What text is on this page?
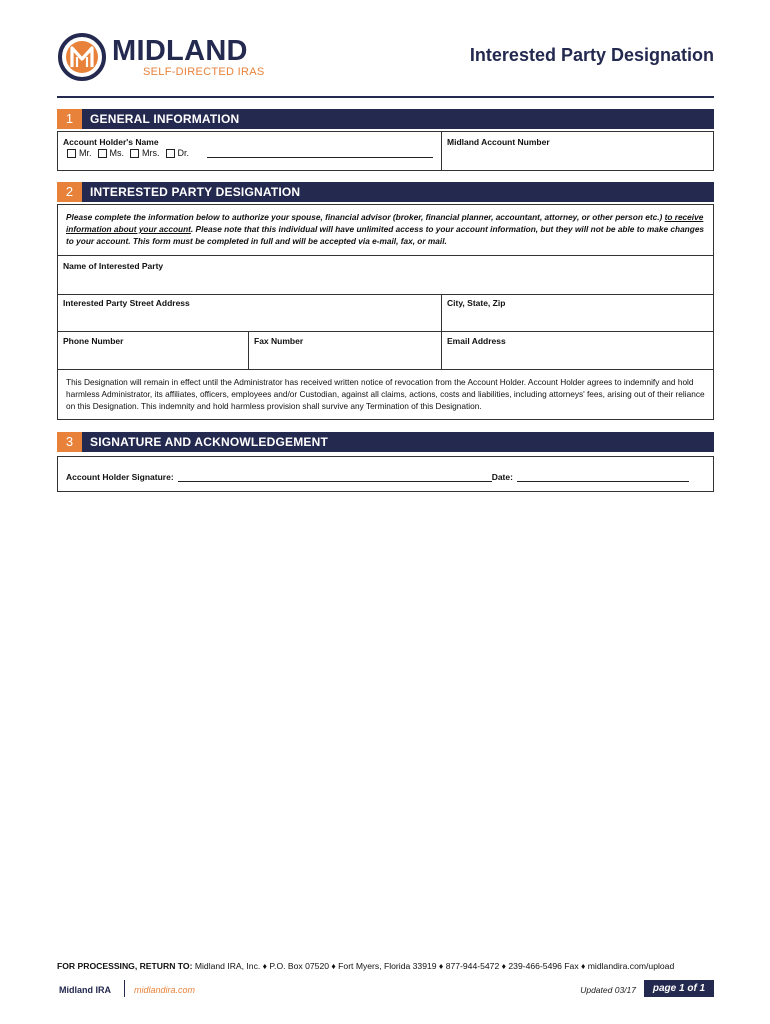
MIDLAND
SELF-DIRECTED IRAS
Interested Party Designation
1	GENERAL INFORMATION
Account Holder's Name	Midland Account Number
Mr. Ms. Mrs. Dr.
2	INTERESTED PARTY DESIGNATION
Please complete the information below to authorize your spouse, financial advisor (broker, financial planner, accountant, attorney, or other person etc.) to receive information about your account. Please note that this individual will have unlimited access to your account information, but they will not be able to make changes to your account. This form must be completed in full and will be accepted via e-mail, fax, or mail.
Name of Interested Party
Interested Party Street Address	City, State, Zip
Phone Number	Fax Number	Email Address
This Designation will remain in effect until the Administrator has received written notice of revocation from the Account Holder. Account Holder agrees to indemnify and hold harmless Administrator, its affiliates, officers, employees and/or Custodian, against all claims, actions, costs and liabilities, including attorneys' fees, arising out of their reliance on this Designation. This indemnity and hold harmless provision shall survive any Termination of this Designation.
3	SIGNATURE AND ACKNOWLEDGEMENT
Account Holder Signature:	Date:
FOR PROCESSING, RETURN TO: Midland IRA, Inc. ♦ P.O. Box 07520 ♦ Fort Myers, Florida 33919 ♦ 877-944-5472 ♦ 239-466-5496 Fax ♦ midlandira.com/upload
Midland IRA	midlandira.com	Updated 03/17	page 1 of 1
